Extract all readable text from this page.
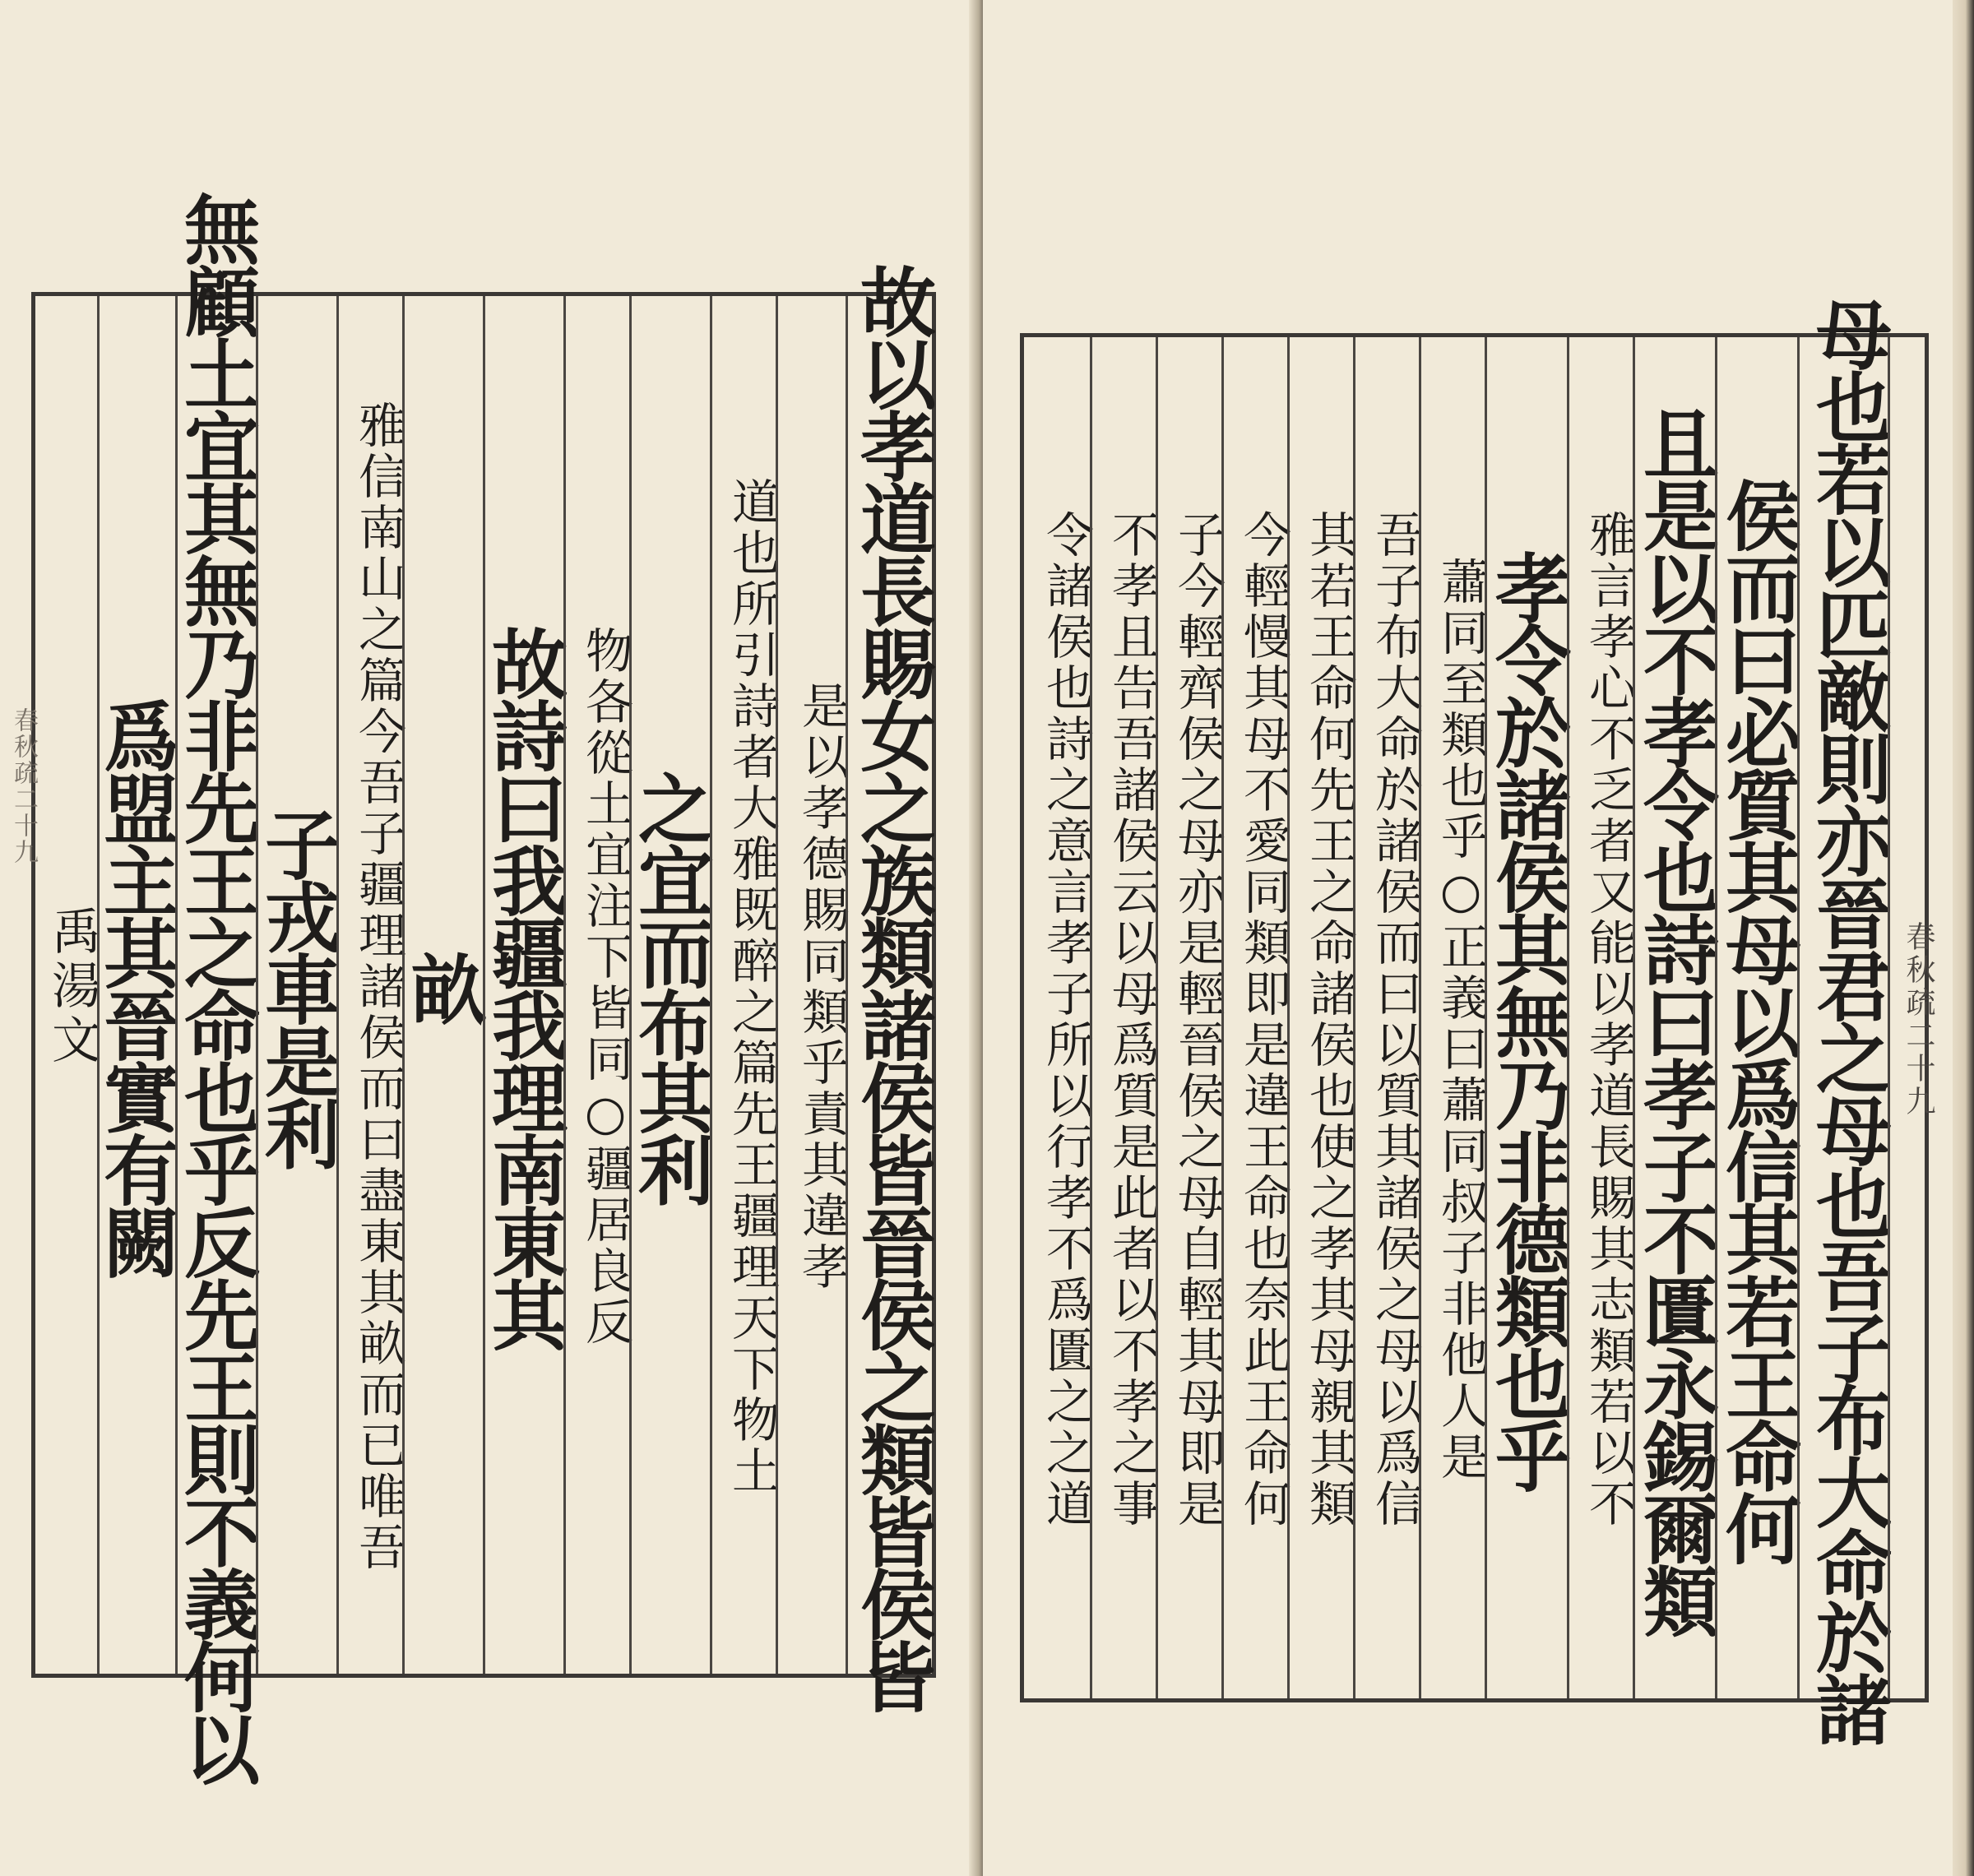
禹湯文
爲盟主其晉實有闕
無顧土宜其無乃非先王之命也乎反先王則不義何以
子戎車是利 雅信南山之篇今吾子疆理諸侯而曰盡東其畝而已唯吾
畝
故詩曰我疆我理南東其 物各從土宜注下皆同○疆居良反
之宜而布其利 道也所引詩者大雅既醉之篇先王疆理天下物土 是以孝德賜同類乎責其違孝
故以孝道長賜女之族類諸侯皆晉侯之類皆侯皆
春秋疏二十九	令諸侯也詩之意言孝子所以行孝不爲匱之之道 不孝且告吾諸侯云以母爲質是此者以不孝之事 子今輕齊侯之母亦是輕晉侯之母自輕其母即是 今輕慢其母不愛同類即是違王命也奈此王命何 其若王命何先王之命諸侯也使之孝其母親其類 吾子布大命於諸侯而曰以質其諸侯之母以爲信 蕭同至類也乎○正義曰蕭同叔子非他人是
孝令於諸侯其無乃非德類也乎 雅言孝心不乏者又能以孝道長賜其志類若以不
且是以不孝令也詩曰孝子不匱永錫爾類
侯而曰必質其母以爲信其若王命何 母也若以匹敵則亦晉君之母也吾子布大命於諸 春秋疏二十九
